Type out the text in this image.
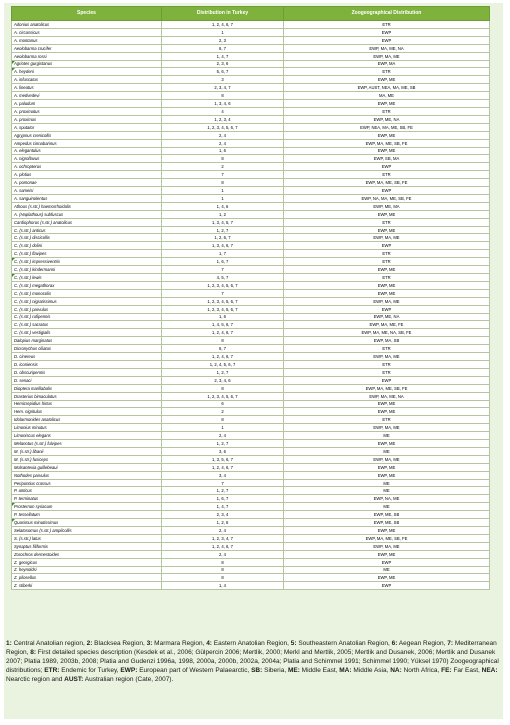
Species	Distribution in Turkey	Zoogeographical Distribution
Adonius anatolicus	1, 2, 4, 6, 7	ETR
A. circassicus	1	EWP
A. montanus	2, 3	EWP
Aeolobarma crucifer	6, 7	EWP, MA, ME, NA
Aeolobarma rossi	1, 4, 7	EWP, MA, ME

Agriotes gurgistanus	2, 3, 6	EWP, MA

A. heydeni	5, 6, 7	ETR
A. infuscatus	3	EWP, ME
A. lineatus	2, 3, 4, 7	EWP, AUST, NEA, MA, ME, SB
A. medvedevi	8	MA, ME
A. paludum	1, 3, 4, 6	EWP, ME
A. proximatus	4	ETR
A. proximus	1, 2, 3, 4	EWP, ME, NA
A. sputator	1, 2, 3, 4, 5, 6, 7	EWP, NEA, MA, ME, SB, FE
Agrypnus crenicollis	2, 4	EWP, ME
Ampedus cinnabarinus	2, 4	EWP, MA, ME, SB, FE
A. elegantulus	1, 6	EWP, ME
A. nigroflavus	8	EWP, SB, MA
A. ochropterus	2	EWP
A. plotius	7	ETR
A. pomonae	8	EWP, MA, ME, SB, FE
A. sameisi	1	EWP
A. sanguinolentus	1	EWP, NA, MA, ME, SB, FE
Athous (s.str.) haemorrhoidalis	1, 4, 6	EWP, ME, MA
A. (Haplathous) subfuscus	1, 2	EWP, ME
Cardiophorus (s.str.) anatolicus	1, 3, 4, 5, 7	ETR
C. (s.str.) anticus	1, 2, 7	EWP, ME
C. (s.str.) discicollis	1, 2, 6, 7	EWP, MA, ME
C. (s.str.) dolini	1, 3, 4, 6, 7	EWP
C. (s.str.) flavipes	1, 7	ETR

C. (s.str.) impressiventris	1, 6, 7	ETR
C. (s.str.) kindermanni	7	EWP, ME

C. (s.str.) lewis	4, 5, 7	ETR
C. (s.str.) megathorax	1, 2, 3, 4, 5, 6, 7	EWP, ME
C. (s.str.) monocolis	7	EWP, ME
C. (s.str.) nigratissimus	1, 2, 3, 4, 5, 6, 7	EWP, MA, ME
C. (s.str.) parvulus	1, 2, 3, 4, 5, 6, 7	EWP
C. (s.str.) rufipennis	1, 6	EWP, ME, NA
C. (s.str.) sacratus	1, 4, 5, 6, 7	EWP, MA, ME, FE
C. (s.str.) vestigialis	1, 2, 4, 6, 7	EWP, MA, ME, NA, SB, FE
Dalopius marginatus	8	EWP, MA, SB
Dicronychus ciliatus	6, 7	ETR
D. cinereus	1, 2, 4, 6, 7	EWP, MA, ME
D. iconiensis	1, 2, 4, 5, 6, 7	ETR
D. obscuripennis	1, 2, 7	ETR
D. senaci	2, 3, 4, 6	EWP
Dioptera marillabalis	8	EWP, MA, ME, SB, FE
Drasterius bimaculatus	1, 2, 3, 4, 5, 6, 7	EWP, MA, ME, NA
Hemicrepidius hirtus	6	EWP, ME
Hem. nigritulus	2	EWP, ME
Idolarmonides anatolicus	8	ETR
Limonius minutus	1	EWP, MA, ME
Limoniscus elegans	2, 4	ME
Melanotus (s.str.) fulvipes	1, 2, 7	EWP, ME
M. (s.str.) libanii	3, 6	ME
M. (s.str.) fusiceps	1, 3, 5, 6, 7	EWP, MA, ME
Mulsantexia guillebeaui	1, 2, 4, 6, 7	EWP, ME
Nothodes parvulus	3, 4	EWP, ME
Peripontius crassus	7	ME
P. anticus	1, 2, 7	ME
P. terminatus	1, 6, 7	EWP, NA, ME

Prosternon syriacum	1, 4, 7	ME
P. tessellatum	2, 3, 4	EWP, ME, SB

Quasimus minutissimus	1, 2, 6	EWP, ME, SB
Selatosomus (s.str.) amplicollis	2, 4	EWP, ME
S. (s.str.) latus	1, 2, 3, 4, 7	EWP, MA, ME, SB, FE
Synaptus filiformis	1, 2, 4, 6, 7	EWP, MA, ME
Zorochros dermestoides	2, 4	EWP, ME
Z. georgicus	8	EWP
Z. heynoldsi	8	ME
Z. pilosellus	8	EWP, ME
Z. stiberki	1, 4	EWP
1: Central Anatolian region, 2: Blacksea Region, 3: Marmara Region, 4: Eastern Anatolian Region, 5: Southeastern Anatolian Region, 6: Aegean Region, 7: Mediterranean Region, 8: First detailed species description (Kesdek et al., 2006; Gülpercin 2006; Mertlik, 2000; Merkl and Mertlik, 2005; Mertlik and Dusanek, 2006; Mertlik and Dusanek 2007; Platia 1989, 2003b, 2008; Platia and Gudenzi 1996a, 1998, 2000a, 2000b, 2002a, 2004a; Platia and Schimmel 1991; Schimmel 1990; Yüksel 1970) Zoogeographical distributions; ETR: Endemic for Turkey, EWP: European part of Western Palaearctic, SB: Siberia, ME: Middle East, MA: Middle Asia, NA: North Africa, FE: Far East, NEA: Nearctic region and AUST: Australian region (Cate, 2007).
